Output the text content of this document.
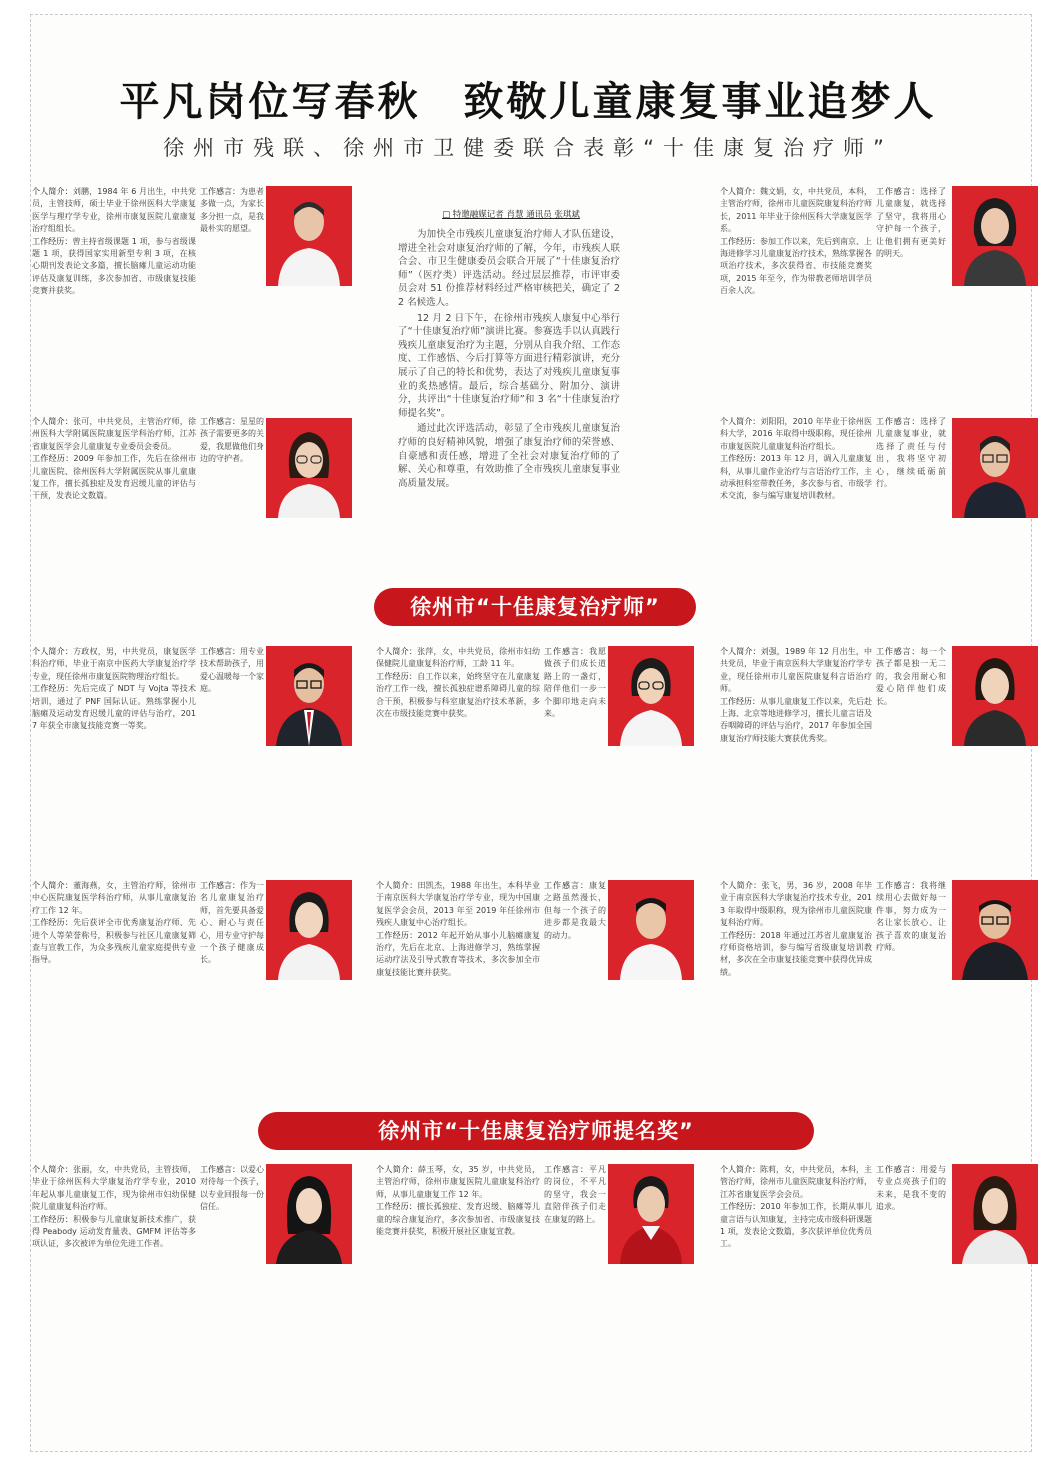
平凡岗位写春秋　致敬儿童康复事业追梦人
徐州市残联、徐州市卫健委联合表彰“十佳康复治疗师”
个人简介：刘鹏，1984 年 6 月出生，中共党员，主管技师，硕士毕业于徐州医科大学康复医学与理疗学专业，徐州市康复医院儿童康复治疗组组长。
工作经历：曾主持省级课题 1 项，参与省级课题 1 项，获得国家实用新型专利 3 项，在核心期刊发表论文多篇，擅长脑瘫儿童运动功能评估及康复训练，多次参加省、市级康复技能竞赛并获奖。
工作感言：为患者多做一点，为家长多分担一点，是我最朴实的愿望。
□ 特邀融媒记者 肖慧 通讯员 张琪斌

为加快全市残疾儿童康复治疗师人才队伍建设，增进全社会对康复治疗师的了解，今年，市残疾人联合会、市卫生健康委员会联合开展了“十佳康复治疗师”（医疗类）评选活动。经过层层推荐，市评审委员会对 51 份推荐材料经过严格审核把关，确定了 22 名候选人。

12 月 2 日下午，在徐州市残疾人康复中心举行了“十佳康复治疗师”演讲比赛。参赛选手以认真践行残疾儿童康复治疗为主题，分别从自我介绍、工作态度、工作感悟、今后打算等方面进行精彩演讲，充分展示了自己的特长和优势，表达了对残疾儿童康复事业的炙热感情。最后，综合基础分、附加分、演讲分，共评出“十佳康复治疗师”和 3 名“十佳康复治疗师提名奖”。

通过此次评选活动，彰显了全市残疾儿童康复治疗师的良好精神风貌，增强了康复治疗师的荣誉感、自豪感和责任感，增进了全社会对康复治疗师的了解、关心和尊重，有效助推了全市残疾儿童康复事业高质量发展。

个人简介：魏文娟，女，中共党员，本科，主管治疗师，徐州市儿童医院康复科治疗师长，2011 年毕业于徐州医科大学康复医学系。
工作经历：参加工作以来，先后到南京、上海进修学习儿童康复治疗技术，熟练掌握各项治疗技术，多次获得省、市技能竞赛奖项，2015 年至今，作为带教老师培训学员百余人次。
工作感言：选择了儿童康复，就选择了坚守，我将用心守护每一个孩子，让他们拥有更美好的明天。
个人简介：张可，中共党员，主管治疗师，徐州医科大学附属医院康复医学科治疗师，江苏省康复医学会儿童康复专业委员会委员。
工作经历：2009 年参加工作，先后在徐州市儿童医院、徐州医科大学附属医院从事儿童康复工作，擅长孤独症及发育迟缓儿童的评估与干预，发表论文数篇。
工作感言：星星的孩子需要更多的关爱，我愿做他们身边的守护者。
个人简介：刘阳阳，2010 年毕业于徐州医科大学，2016 年取得中级职称，现任徐州市康复医院儿童康复科治疗组长。
工作经历：2013 年 12 月，调入儿童康复科，从事儿童作业治疗与言语治疗工作，主动承担科室带教任务，多次参与省、市级学术交流，参与编写康复培训教材。
工作感言：选择了儿童康复事业，就选择了责任与付出，我将坚守初心，继续砥砺前行。
徐州市“十佳康复治疗师”
个人简介：方政权，男，中共党员，康复医学科治疗师，毕业于南京中医药大学康复治疗学专业，现任徐州市康复医院物理治疗组长。
工作经历：先后完成了 NDT 与 Vojta 等技术培训，通过了 PNF 国际认证。熟练掌握小儿脑瘫及运动发育迟缓儿童的评估与治疗，2017 年获全市康复技能竞赛一等奖。
工作感言：用专业技术帮助孩子，用爱心温暖每一个家庭。
个人简介：张萍，女，中共党员，徐州市妇幼保健院儿童康复科治疗师，工龄 11 年。
工作经历：自工作以来，始终坚守在儿童康复治疗工作一线，擅长孤独症谱系障碍儿童的综合干预，积极参与科室康复治疗技术革新，多次在市级技能竞赛中获奖。
工作感言：我愿做孩子们成长道路上的一盏灯，陪伴他们一步一个脚印地走向未来。
个人简介：刘强，1989 年 12 月出生，中共党员，毕业于南京医科大学康复治疗学专业，现任徐州市儿童医院康复科言语治疗师。
工作经历：从事儿童康复工作以来，先后赴上海、北京等地进修学习，擅长儿童言语及吞咽障碍的评估与治疗，2017 年参加全国康复治疗师技能大赛获优秀奖。
工作感言：每一个孩子都是独一无二的，我会用耐心和爱心陪伴他们成长。
个人简介：董海燕，女，主管治疗师，徐州市中心医院康复医学科治疗师，从事儿童康复治疗工作 12 年。
工作经历：先后获评全市优秀康复治疗师、先进个人等荣誉称号，积极参与社区儿童康复筛查与宣教工作，为众多残疾儿童家庭提供专业指导。
工作感言：作为一名儿童康复治疗师，首先要具备爱心、耐心与责任心，用专业守护每一个孩子健康成长。
个人简介：田凯杰，1988 年出生，本科毕业于南京医科大学康复治疗学专业，现为中国康复医学会会员，2013 年至 2019 年任徐州市残疾人康复中心治疗组长。
工作经历：2012 年起开始从事小儿脑瘫康复治疗，先后在北京、上海进修学习，熟练掌握运动疗法及引导式教育等技术，多次参加全市康复技能比赛并获奖。
工作感言：康复之路虽然漫长，但每一个孩子的进步都是我最大的动力。
个人简介：张飞，男，36 岁，2008 年毕业于南京医科大学康复治疗技术专业，2013 年取得中级职称，现为徐州市儿童医院康复科治疗师。
工作经历：2018 年通过江苏省儿童康复治疗师资格培训，参与编写省级康复培训教材，多次在全市康复技能竞赛中获得优异成绩。
工作感言：我将继续用心去做好每一件事，努力成为一名让家长放心、让孩子喜欢的康复治疗师。
徐州市“十佳康复治疗师提名奖”
个人简介：张丽，女，中共党员，主管技师，毕业于徐州医科大学康复治疗学专业，2010 年起从事儿童康复工作，现为徐州市妇幼保健院儿童康复科治疗师。
工作经历：积极参与儿童康复新技术推广，获得 Peabody 运动发育量表、GMFM 评估等多项认证，多次被评为单位先进工作者。
工作感言：以爱心对待每一个孩子，以专业回报每一份信任。
个人简介：薛玉琴，女，35 岁，中共党员，主管治疗师，徐州市康复医院儿童康复科治疗师，从事儿童康复工作 12 年。
工作经历：擅长孤独症、发育迟缓、脑瘫等儿童的综合康复治疗，多次参加省、市级康复技能竞赛并获奖，积极开展社区康复宣教。
工作感言：平凡的岗位，不平凡的坚守，我会一直陪伴孩子们走在康复的路上。
个人简介：陈莉，女，中共党员，本科，主管治疗师，徐州市儿童医院康复科治疗师，江苏省康复医学会会员。
工作经历：2010 年参加工作，长期从事儿童言语与认知康复，主持完成市级科研课题 1 项，发表论文数篇，多次获评单位优秀员工。
工作感言：用爱与专业点亮孩子们的未来，是我不变的追求。
